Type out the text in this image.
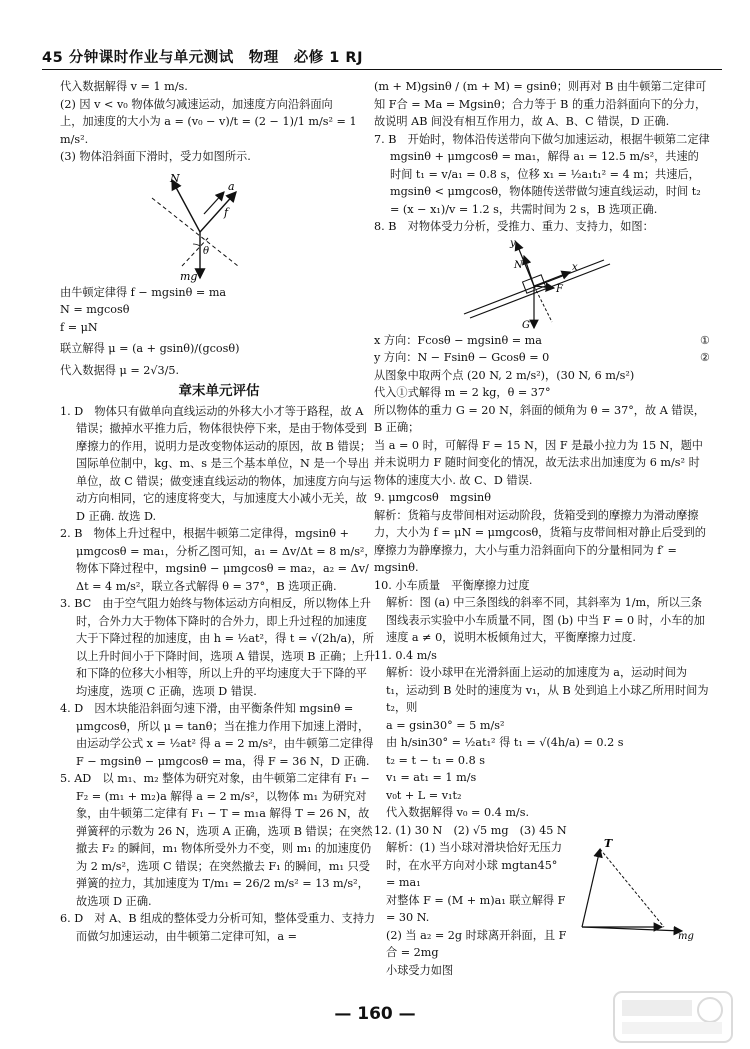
45 分钟课时作业与单元测试　物理　必修 1 RJ

代入数据解得 v = 1 m/s.

(2) 因 v < v₀ 物体做匀减速运动，加速度方向沿斜面向

上，加速度的大小为 a = (v₀ − v)/t = (2 − 1)/1 m/s² = 1 m/s².

(3) 物体沿斜面下滑时，受力如图所示.

N
a
f
θ
mg

由牛顿定律得 f − mgsinθ = ma

N = mgcosθ

f = μN

联立解得 μ = (a + gsinθ)/(gcosθ)

代入数据得 μ = 2√3/5.

章末单元评估

1. D　物体只有做单向直线运动的外移大小才等于路程，故 A 错误；撤掉水平推力后，物体很快停下来，是由于物体受到摩擦力的作用，说明力是改变物体运动的原因，故 B 错误；国际单位制中，kg、m、s 是三个基本单位，N 是一个导出单位，故 C 错误；做变速直线运动的物体，加速度方向与运动方向相同，它的速度将变大，与加速度大小减小无关，故 D 正确. 故选 D.

2. B　物体上升过程中，根据牛顿第二定律得，mgsinθ + μmgcosθ = ma₁，分析乙图可知，a₁ = Δv/Δt = 8 m/s²，物体下降过程中，mgsinθ − μmgcosθ = ma₂，a₂ = Δv/Δt = 4 m/s²，联立各式解得 θ = 37°，B 选项正确.

3. BC　由于空气阻力始终与物体运动方向相反，所以物体上升时，合外力大于物体下降时的合外力，即上升过程的加速度大于下降过程的加速度，由 h = ½at²，得 t = √(2h/a)，所以上升时间小于下降时间，选项 A 错误，选项 B 正确；上升和下降的位移大小相等，所以上升的平均速度大于下降的平均速度，选项 C 正确，选项 D 错误.

4. D　因木块能沿斜面匀速下滑，由平衡条件知 mgsinθ = μmgcosθ，所以 μ = tanθ；当在推力作用下加速上滑时，由运动学公式 x = ½at² 得 a = 2 m/s²，由牛顿第二定律得 F − mgsinθ − μmgcosθ = ma，得 F = 36 N，D 正确.

5. AD　以 m₁、m₂ 整体为研究对象，由牛顿第二定律有 F₁ − F₂ = (m₁ + m₂)a 解得 a = 2 m/s²，以物体 m₁ 为研究对象，由牛顿第二定律有 F₁ − T = m₁a 解得 T = 26 N，故弹簧秤的示数为 26 N，选项 A 正确，选项 B 错误；在突然撤去 F₂ 的瞬间，m₁ 物体所受外力不变，则 m₁ 的加速度仍为 2 m/s²，选项 C 错误；在突然撤去 F₁ 的瞬间，m₁ 只受弹簧的拉力，其加速度为 T/m₁ = 26/2 m/s² = 13 m/s²，故选项 D 正确.

6. D　对 A、B 组成的整体受力分析可知，整体受重力、支持力而做匀加速运动，由牛顿第二定律可知，a =

(m + M)gsinθ / (m + M) = gsinθ；则再对 B 由牛顿第二定律可知 F合 = Ma = Mgsinθ；合力等于 B 的重力沿斜面向下的分力，故说明 AB 间没有相互作用力，故 A、B、C 错误，D 正确.

7. B　开始时，物体沿传送带向下做匀加速运动，根据牛顿第二定律 mgsinθ + μmgcosθ = ma₁，解得 a₁ = 12.5 m/s²，共速的时间 t₁ = v/a₁ = 0.8 s，位移 x₁ = ½a₁t₁² = 4 m；共速后，mgsinθ < μmgcosθ，物体随传送带做匀速直线运动，时间 t₂ = (x − x₁)/v = 1.2 s，共需时间为 2 s，B 选项正确.

8. B　对物体受力分析，受推力、重力、支持力，如图：

y
x
N
F
G
x 方向：Fcosθ − mgsinθ = ma	①
y 方向：N − Fsinθ − Gcosθ = 0	②

从图象中取两个点 (20 N, 2 m/s²)，(30 N, 6 m/s²)

代入①式解得 m = 2 kg，θ = 37°

所以物体的重力 G = 20 N，斜面的倾角为 θ = 37°，故 A 错误，B 正确；

当 a = 0 时，可解得 F = 15 N，因 F 是最小拉力为 15 N，题中并未说明力 F 随时间变化的情况，故无法求出加速度为 6 m/s² 时物体的速度大小. 故 C、D 错误.

9. μmgcosθ　mgsinθ

解析：货箱与皮带间相对运动阶段，货箱受到的摩擦力为滑动摩擦力，大小为 f = μN = μmgcosθ，货箱与皮带间相对静止后受到的摩擦力为静摩擦力，大小与重力沿斜面向下的分量相同为 f′ = mgsinθ.

10. 小车质量　平衡摩擦力过度

解析：图 (a) 中三条图线的斜率不同，其斜率为 1/m，所以三条图线表示实验中小车质量不同，图 (b) 中当 F = 0 时，小车的加速度 a ≠ 0，说明木板倾角过大，平衡摩擦力过度.

11. 0.4 m/s

解析：设小球甲在光滑斜面上运动的加速度为 a，运动时间为 t₁，运动到 B 处时的速度为 v₁，从 B 处到追上小球乙所用时间为 t₂，则

a = gsin30° = 5 m/s²

由 h/sin30° = ½at₁² 得 t₁ = √(4h/a) = 0.2 s

t₂ = t − t₁ = 0.8 s

v₁ = at₁ = 1 m/s

v₀t + L = v₁t₂

代入数据解得 v₀ = 0.4 m/s.

12. (1) 30 N　(2) √5 mg　(3) 45 N

解析：(1) 当小球对滑块恰好无压力时，在水平方向对小球 mgtan45° = ma₁

对整体 F = (M + m)a₁ 联立解得 F = 30 N.

(2) 当 a₂ = 2g 时球离开斜面，且 F合 = 2mg

小球受力如图

T
mg
— 160 —
